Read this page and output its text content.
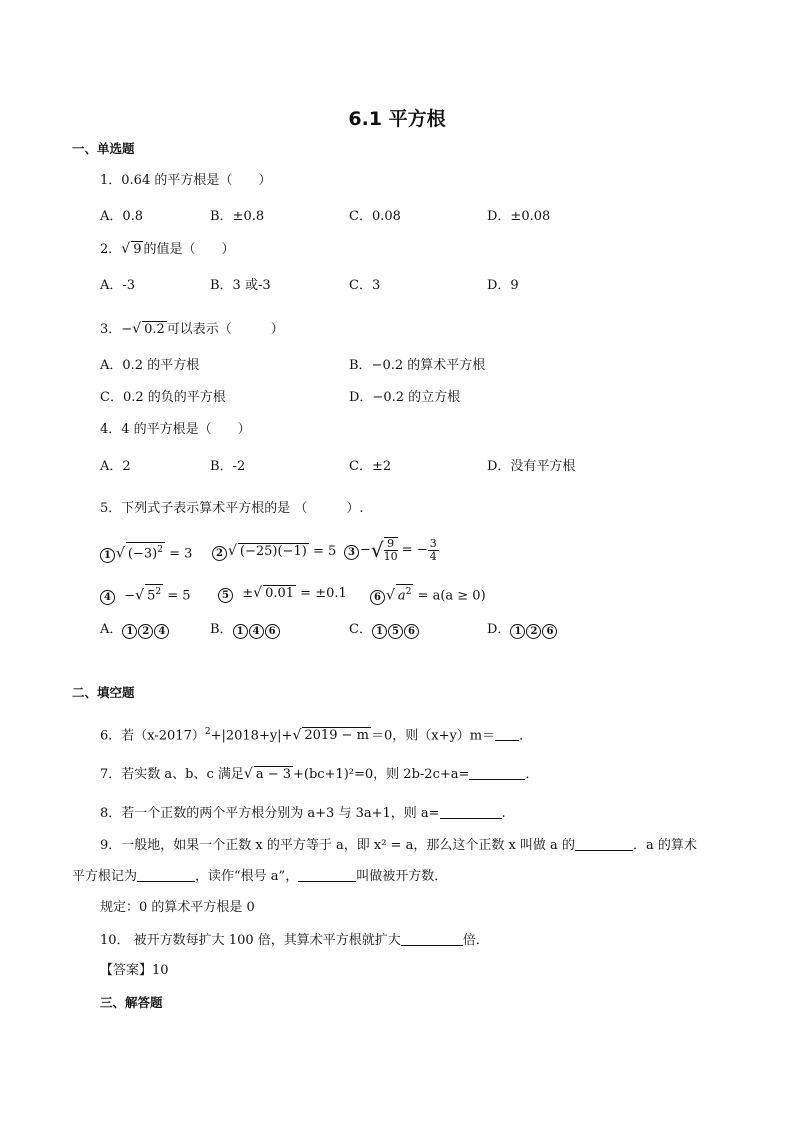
6.1 平方根
一、单选题
1．0.64 的平方根是（　　）
A．0.8	B．±0.8	C．0.08	D．±0.08
2．√ 9 的值是（　　）
A．-3	B．3 或-3	C．3	D．9
3．−√ 0.2 可以表示（　　　）
A．0.2 的平方根	B．−0.2 的算术平方根
C．0.2 的负的平方根	D．−0.2 的立方根
4．4 的平方根是（　　）
A．2	B．-2	C．±2	D．没有平方根
5．下列式子表示算术平方根的是 （　　　）.
1 √ $(-3)^2 = 3$	2 √ (−25)(−1) = 5	3 −√ $\frac{9}{10}$ = − $\frac{3}{4}$
4 −√ $5^2 = 5$	5 ±√ 0.01 = ±0.1	6 √ $a^2 = a(a \ge 0)$
A． 1 2 4	B． 1 4 6	C． 1 5 6	D． 1 2 6
二、填空题
6．若$(x-2017)^2+|2018+y|+√$ 2019 − m ＝0，则（x+y）m＝ ．
7．若实数 a、b、c 满足√ a − 3 +(bc+1)²=0，则 2b-2c+a=	．
8．若一个正数的两个平方根分别为 a+3 与 3a+1，则 a=	.
9．一般地，如果一个正数 x 的平方等于 a，即 x² = a，那么这个正数 x 叫做 a 的	．a 的算术
平方根记为	，读作“根号 a”，	叫做被开方数．
规定：0 的算术平方根是 0
10． 被开方数每扩大 100 倍，其算术平方根就扩大	倍．
【答案】10
三、解答题
